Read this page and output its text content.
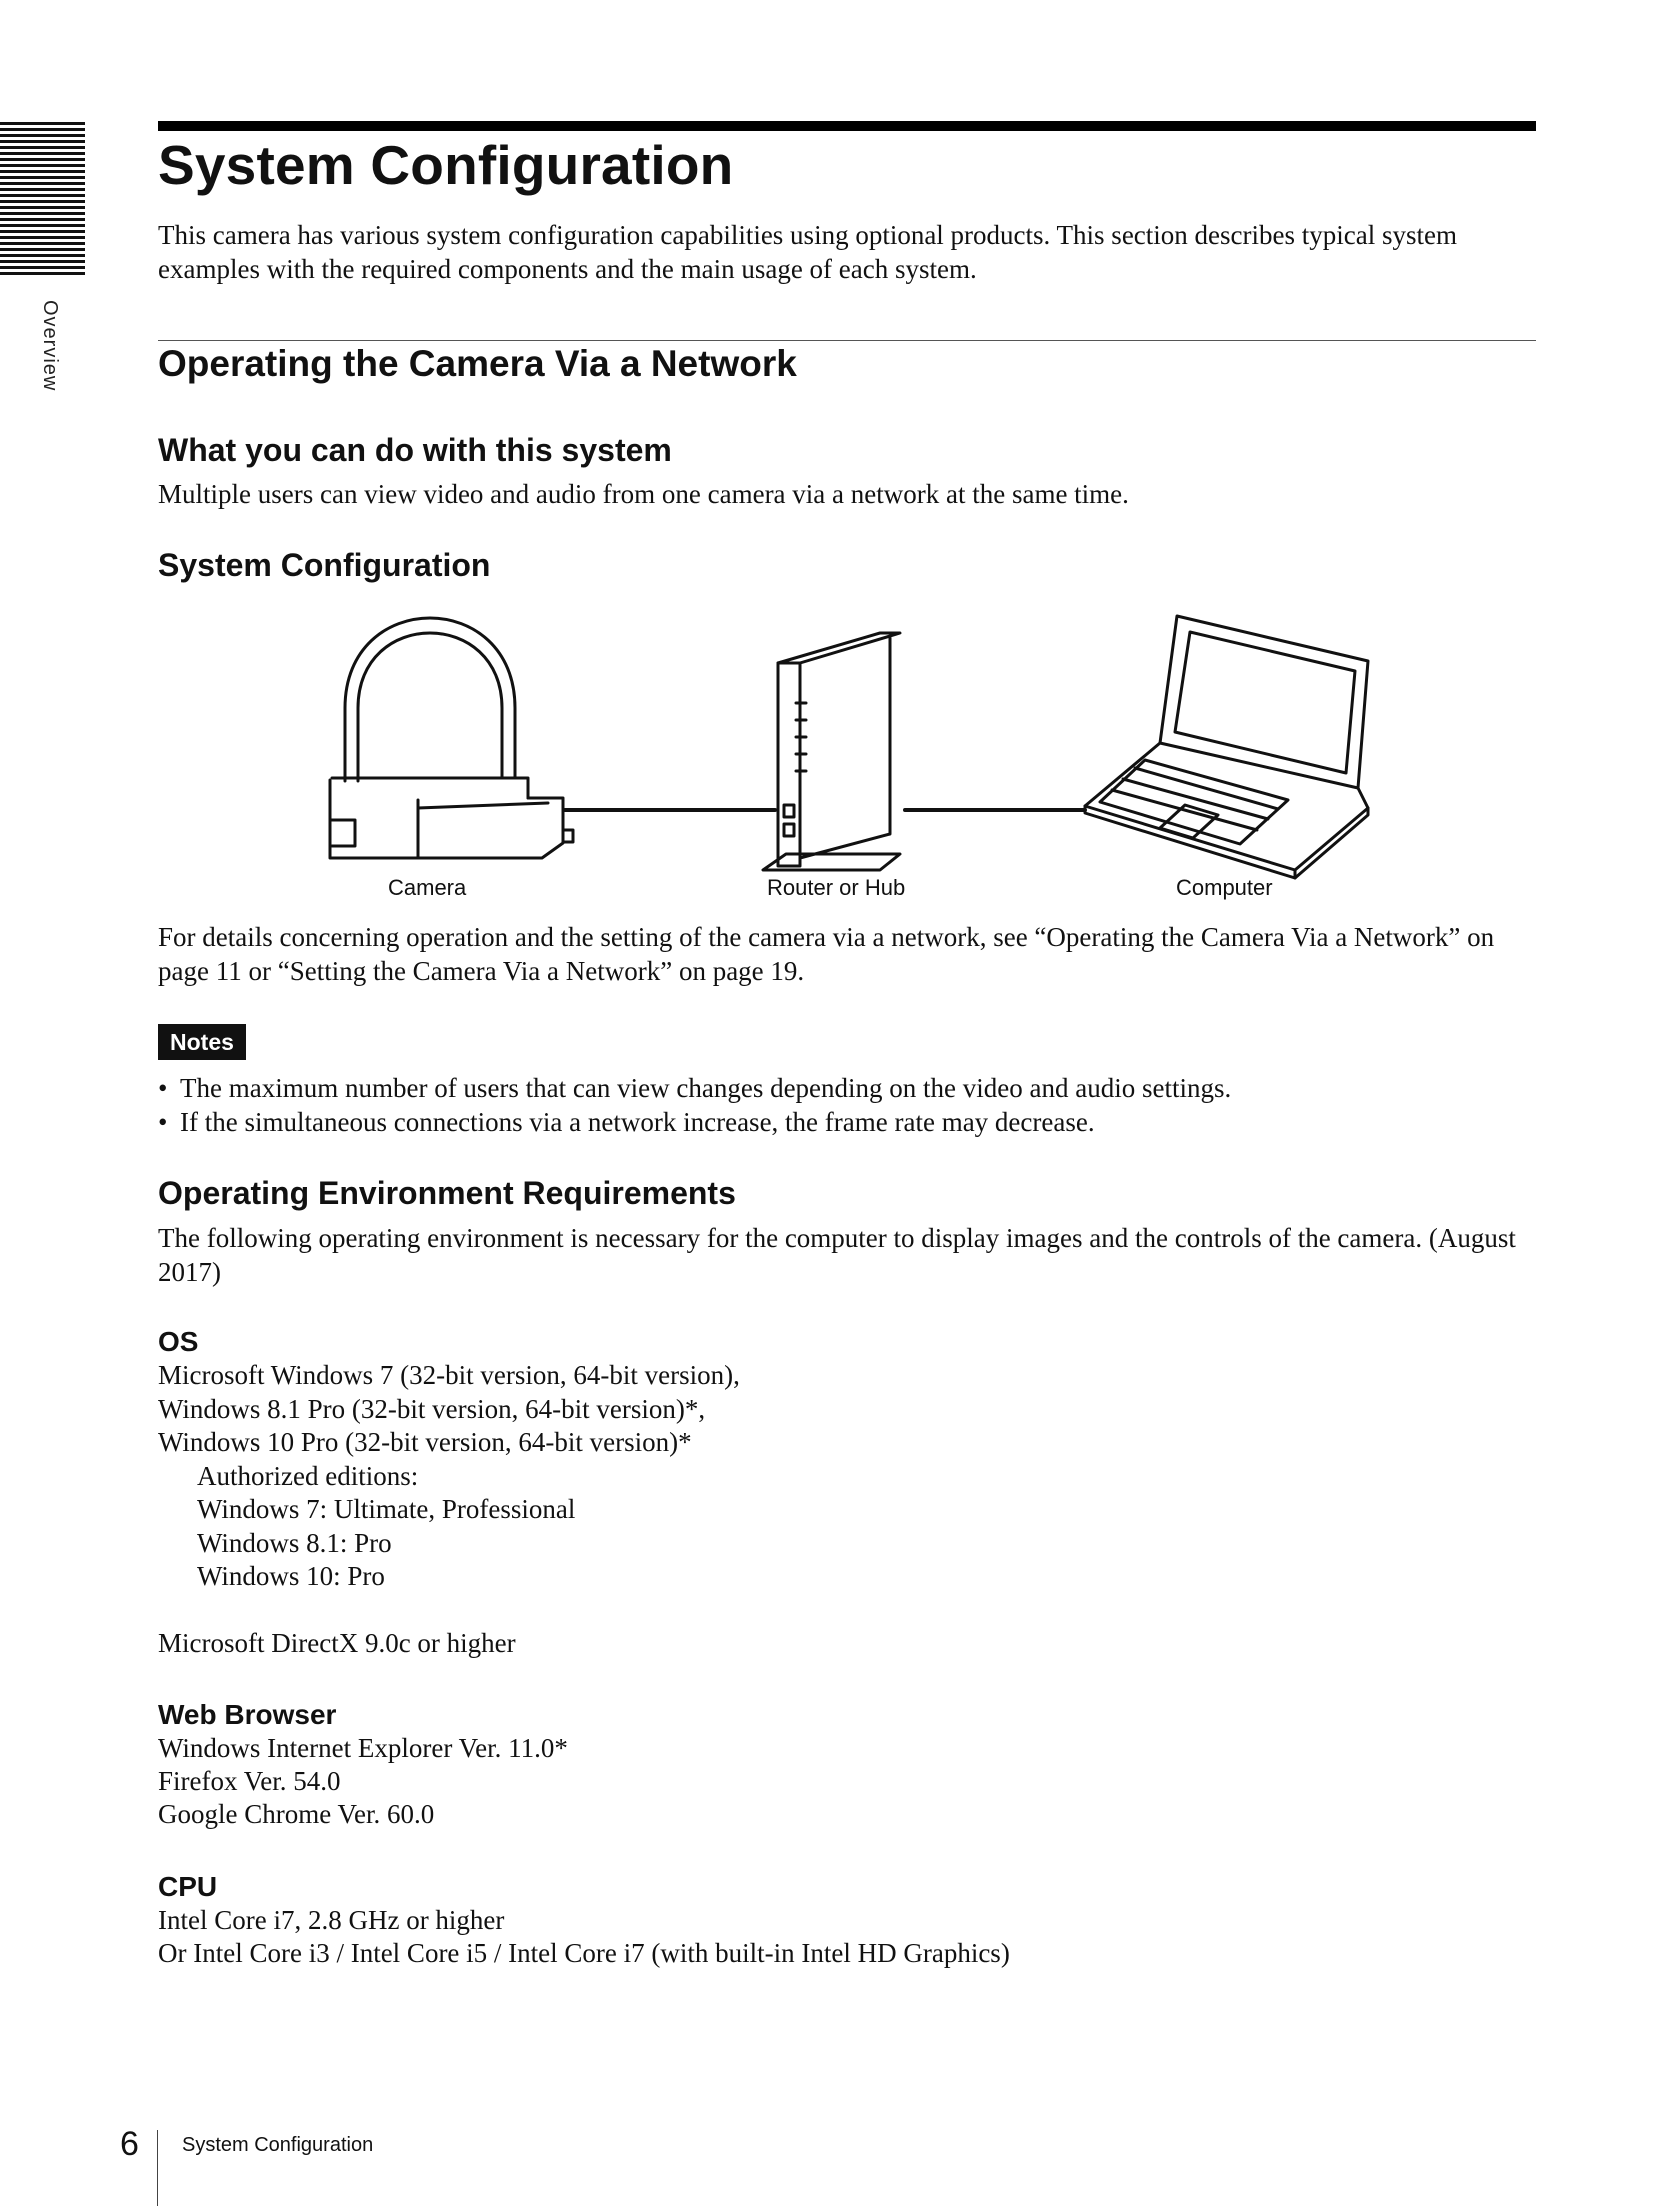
Overview
System Configuration

This camera has various system configuration capabilities using optional products. This section describes typical system examples with the required components and the main usage of each system.

Operating the Camera Via a Network
What you can do with this system

Multiple users can view video and audio from one camera via a network at the same time.

System Configuration
Camera	Router or Hub	Computer

For details concerning operation and the setting of the camera via a network, see “Operating the Camera Via a Network” on page 11 or “Setting the Camera Via a Network” on page 19.

Notes
• The maximum number of users that can view changes depending on the video and audio settings.
• If the simultaneous connections via a network increase, the frame rate may decrease.
Operating Environment Requirements

The following operating environment is necessary for the computer to display images and the controls of the camera. (August 2017)

OS
Microsoft Windows 7 (32-bit version, 64-bit version),
Windows 8.1 Pro (32-bit version, 64-bit version)*,
Windows 10 Pro (32-bit version, 64-bit version)*
Authorized editions:
Windows 7: Ultimate, Professional
Windows 8.1: Pro
Windows 10: Pro
Microsoft DirectX 9.0c or higher
Web Browser
Windows Internet Explorer Ver. 11.0*
Firefox Ver. 54.0
Google Chrome Ver. 60.0
CPU
Intel Core i7, 2.8 GHz or higher
Or Intel Core i3 / Intel Core i5 / Intel Core i7 (with built-in Intel HD Graphics)
6 System Configuration
